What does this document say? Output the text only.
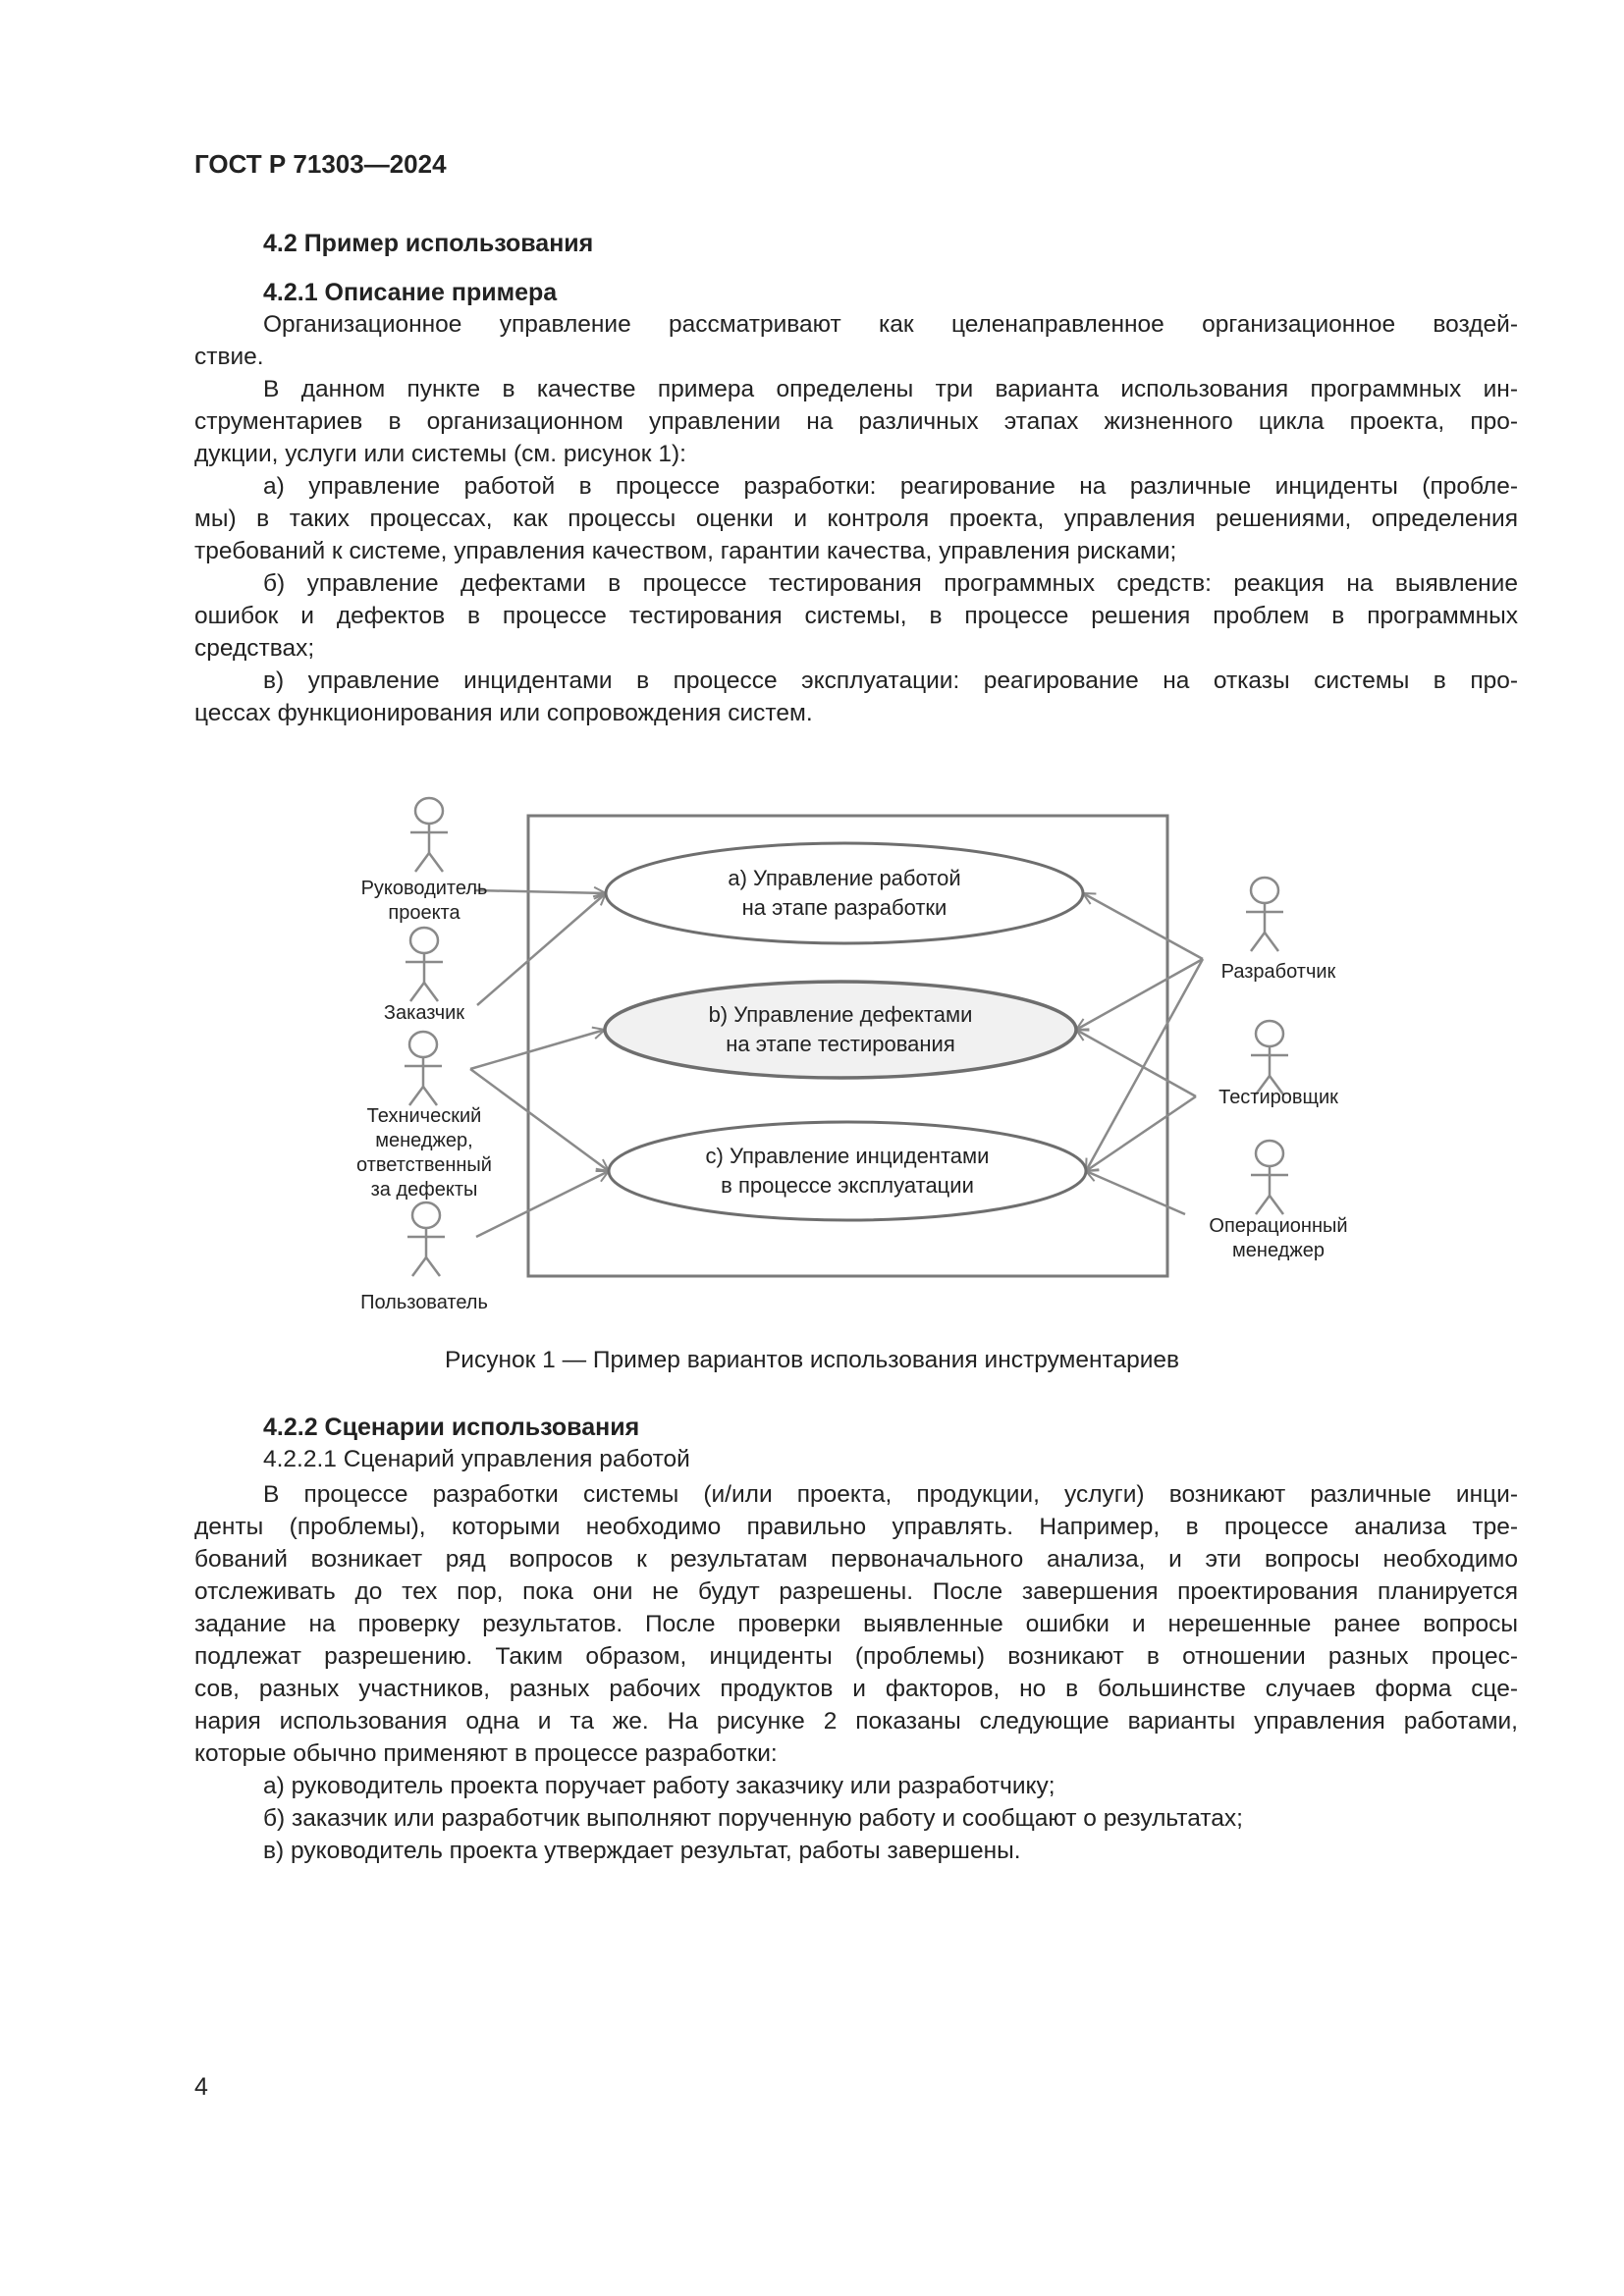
ГОСТ Р 71303—2024
4.2 Пример использования
4.2.1 Описание примера
Организационное управление рассматривают как целенаправленное организационное воздей-
ствие.
В данном пункте в качестве примера определены три варианта использования программных ин-
струментариев в организационном управлении на различных этапах жизненного цикла проекта, про-
дукции, услуги или системы (см. рисунок 1):
а) управление работой в процессе разработки: реагирование на различные инциденты (пробле-
мы) в таких процессах, как процессы оценки и контроля проекта, управления решениями, определения
требований к системе, управления качеством, гарантии качества, управления рисками;
б) управление дефектами в процессе тестирования программных средств: реакция на выявление
ошибок и дефектов в процессе тестирования системы, в процессе решения проблем в программных
средствах;
в) управление инцидентами в процессе эксплуатации: реагирование на отказы системы в про-
цессах функционирования или сопровождения систем.
a) Управление работой
на этапе разработки
b) Управление дефектами
на этапе тестирования
c) Управление инцидентами
в процессе эксплуатации
Руководитель
проекта
Заказчик
Технический
менеджер,
ответственный
за дефекты
Пользователь
Разработчик
Тестировщик
Операционный
менеджер
Рисунок 1 — Пример вариантов использования инструментариев
4.2.2 Сценарии использования
4.2.2.1 Сценарий управления работой
В процессе разработки системы (и/или проекта, продукции, услуги) возникают различные инци-
денты (проблемы), которыми необходимо правильно управлять. Например, в процессе анализа тре-
бований возникает ряд вопросов к результатам первоначального анализа, и эти вопросы необходимо
отслеживать до тех пор, пока они не будут разрешены. После завершения проектирования планируется
задание на проверку результатов. После проверки выявленные ошибки и нерешенные ранее вопросы
подлежат разрешению. Таким образом, инциденты (проблемы) возникают в отношении разных процес-
сов, разных участников, разных рабочих продуктов и факторов, но в большинстве случаев форма сце-
нария использования одна и та же. На рисунке 2 показаны следующие варианты управления работами,
которые обычно применяют в процессе разработки:
а) руководитель проекта поручает работу заказчику или разработчику;
б) заказчик или разработчик выполняют порученную работу и сообщают о результатах;
в) руководитель проекта утверждает результат, работы завершены.
4
